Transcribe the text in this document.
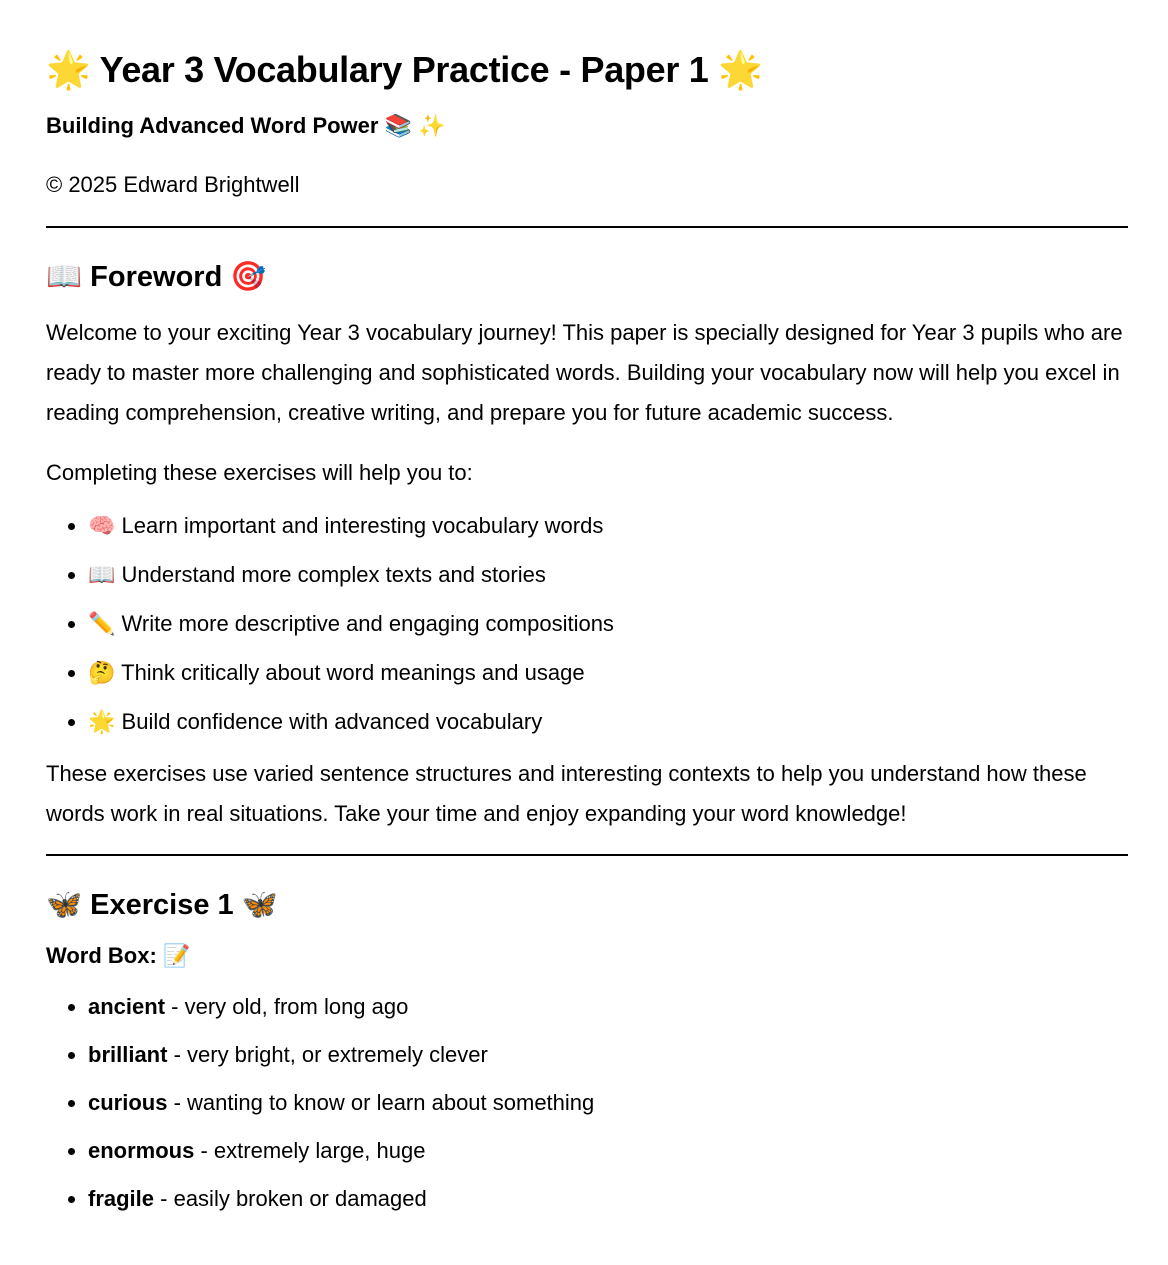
🌟 Year 3 Vocabulary Practice - Paper 1 🌟
Building Advanced Word Power 📚 ✨
© 2025 Edward Brightwell
📖 Foreword 🎯

Welcome to your exciting Year 3 vocabulary journey! This paper is specially designed for Year 3 pupils who are ready to master more challenging and sophisticated words. Building your vocabulary now will help you excel in reading comprehension, creative writing, and prepare you for future academic success.

Completing these exercises will help you to:

• 🧠 Learn important and interesting vocabulary words
• 📖 Understand more complex texts and stories
• ✏️ Write more descriptive and engaging compositions
• 🤔 Think critically about word meanings and usage
• 🌟 Build confidence with advanced vocabulary

These exercises use varied sentence structures and interesting contexts to help you understand how these words work in real situations. Take your time and enjoy expanding your word knowledge!

🦋 Exercise 1 🦋
Word Box: 📝
• ancient - very old, from long ago
• brilliant - very bright, or extremely clever
• curious - wanting to know or learn about something
• enormous - extremely large, huge
• fragile - easily broken or damaged
